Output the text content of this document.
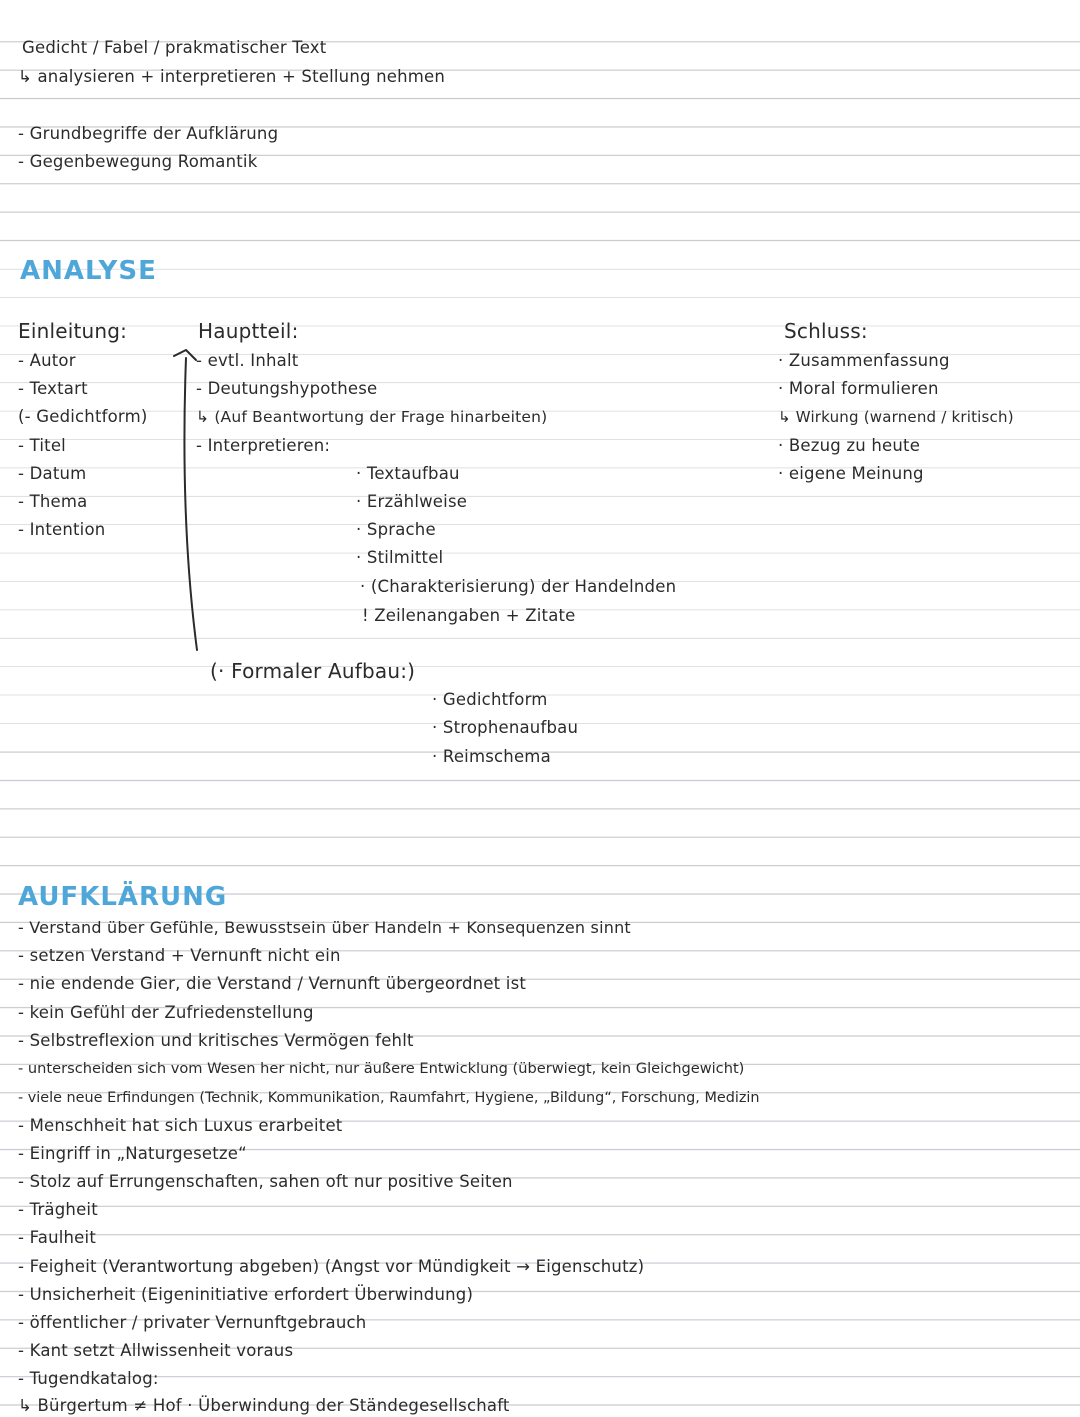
Gedicht / Fabel / prakmatischer Text
↳ analysieren + interpretieren + Stellung nehmen
- Grundbegriffe der Aufklärung
- Gegenbewegung Romantik
ANALYSE
Einleitung:
- Autor
- Textart
(- Gedichtform)
- Titel
- Datum
- Thema
- Intention
Hauptteil:
- evtl. Inhalt
- Deutungshypothese
↳ (Auf Beantwortung der Frage hinarbeiten)
- Interpretieren:
· Textaufbau
· Erzählweise
· Sprache
· Stilmittel
· (Charakterisierung) der Handelnden
! Zeilenangaben + Zitate
(· Formaler Aufbau:)
· Gedichtform
· Strophenaufbau
· Reimschema
Schluss:
· Zusammenfassung
· Moral formulieren
↳ Wirkung (warnend / kritisch)
· Bezug zu heute
· eigene Meinung
AUFKLÄRUNG
- Verstand über Gefühle, Bewusstsein über Handeln + Konsequenzen sinnt
- setzen Verstand + Vernunft nicht ein
- nie endende Gier, die Verstand / Vernunft übergeordnet ist
- kein Gefühl der Zufriedenstellung
- Selbstreflexion und kritisches Vermögen fehlt
- unterscheiden sich vom Wesen her nicht, nur äußere Entwicklung (überwiegt, kein Gleichgewicht)
- viele neue Erfindungen (Technik, Kommunikation, Raumfahrt, Hygiene, „Bildung“, Forschung, Medizin
- Menschheit hat sich Luxus erarbeitet
- Eingriff in „Naturgesetze“
- Stolz auf Errungenschaften, sahen oft nur positive Seiten
- Trägheit
- Faulheit
- Feigheit (Verantwortung abgeben) (Angst vor Mündigkeit → Eigenschutz)
- Unsicherheit (Eigeninitiative erfordert Überwindung)
- öffentlicher / privater Vernunftgebrauch
- Kant setzt Allwissenheit voraus
- Tugendkatalog:
↳ Bürgertum ≠ Hof · Überwindung der Ständegesellschaft
